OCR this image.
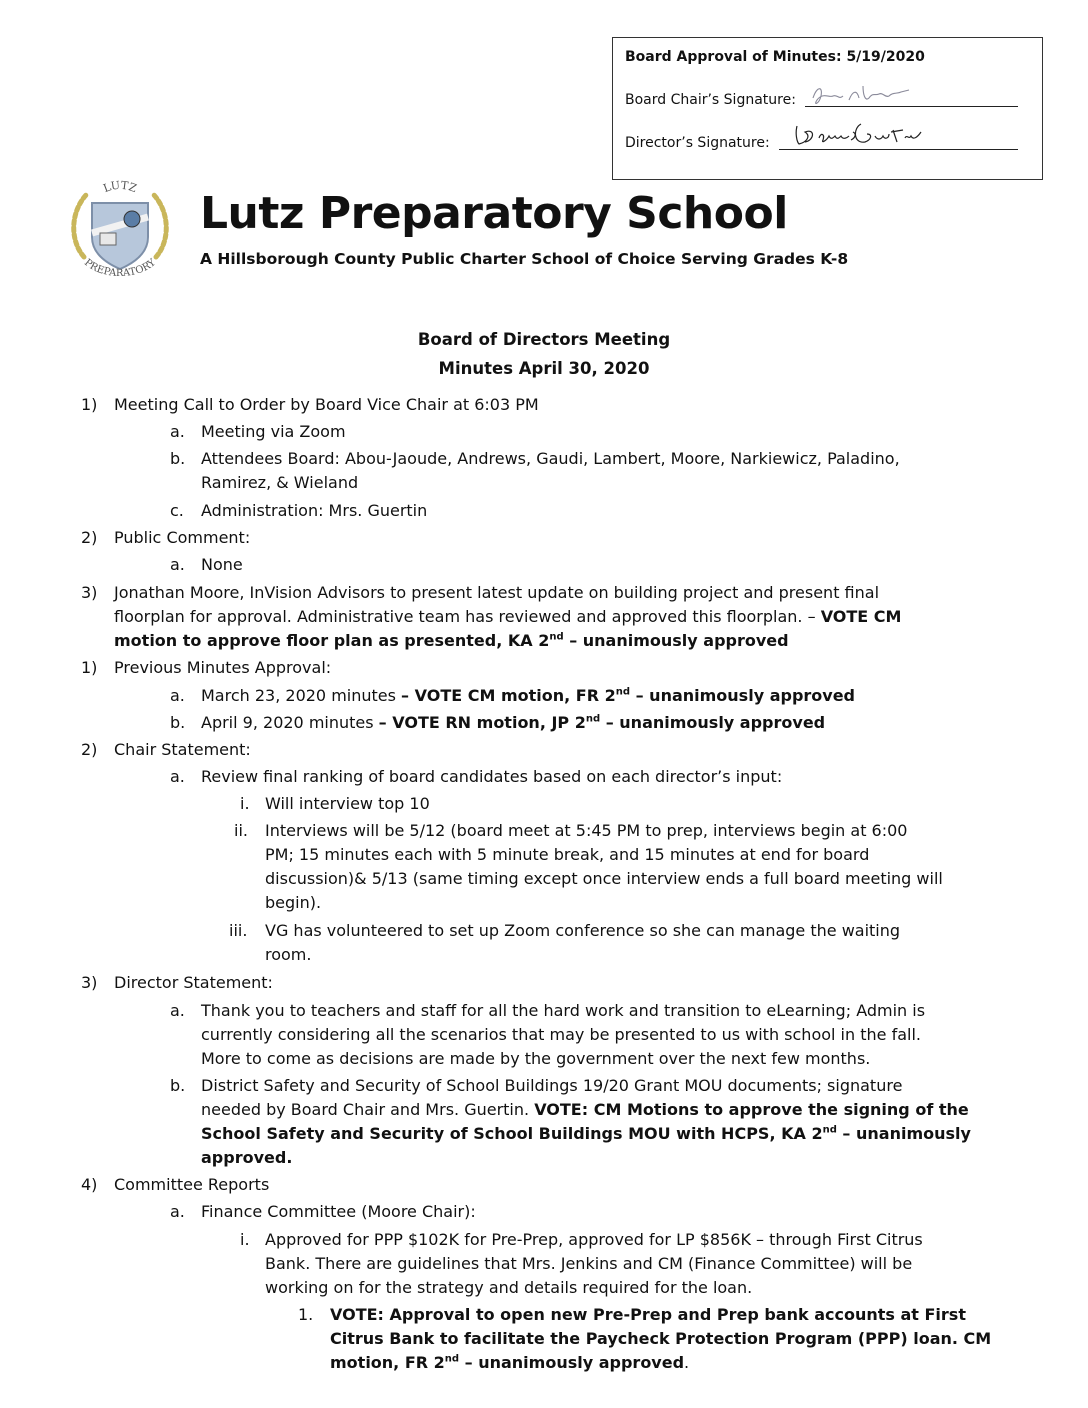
Board Approval of Minutes: 5/19/2020
Board Chair’s Signature:
Director’s Signature:
LUTZ
PREPARATORY
Lutz Preparatory School
A Hillsborough County Public Charter School of Choice Serving Grades K-8
Board of Directors Meeting
Minutes April 30, 2020
1) Meeting Call to Order by Board Vice Chair at 6:03 PM
a. Meeting via Zoom
b. Attendees Board: Abou-Jaoude, Andrews, Gaudi, Lambert, Moore, Narkiewicz, Paladino,
Ramirez, & Wieland
c. Administration: Mrs. Guertin
2) Public Comment:
a. None
3) Jonathan Moore, InVision Advisors to present latest update on building project and present final
floorplan for approval. Administrative team has reviewed and approved this floorplan. – VOTE CM
motion to approve floor plan as presented, KA 2nd – unanimously approved
1) Previous Minutes Approval:
a. March 23, 2020 minutes – VOTE CM motion, FR 2nd – unanimously approved
b. April 9, 2020 minutes – VOTE RN motion, JP 2nd – unanimously approved
2) Chair Statement:
a. Review final ranking of board candidates based on each director’s input:
i. Will interview top 10
ii. Interviews will be 5/12 (board meet at 5:45 PM to prep, interviews begin at 6:00
PM; 15 minutes each with 5 minute break, and 15 minutes at end for board
discussion)& 5/13 (same timing except once interview ends a full board meeting will
begin).
iii. VG has volunteered to set up Zoom conference so she can manage the waiting
room.
3) Director Statement:
a. Thank you to teachers and staff for all the hard work and transition to eLearning; Admin is
currently considering all the scenarios that may be presented to us with school in the fall.
More to come as decisions are made by the government over the next few months.
b. District Safety and Security of School Buildings 19/20 Grant MOU documents; signature
needed by Board Chair and Mrs. Guertin. VOTE: CM Motions to approve the signing of the
School Safety and Security of School Buildings MOU with HCPS, KA 2nd – unanimously
approved.
4) Committee Reports
a. Finance Committee (Moore Chair):
i. Approved for PPP $102K for Pre-Prep, approved for LP $856K – through First Citrus
Bank. There are guidelines that Mrs. Jenkins and CM (Finance Committee) will be
working on for the strategy and details required for the loan.
1. VOTE: Approval to open new Pre-Prep and Prep bank accounts at First
Citrus Bank to facilitate the Paycheck Protection Program (PPP) loan. CM
motion, FR 2nd – unanimously approved.
